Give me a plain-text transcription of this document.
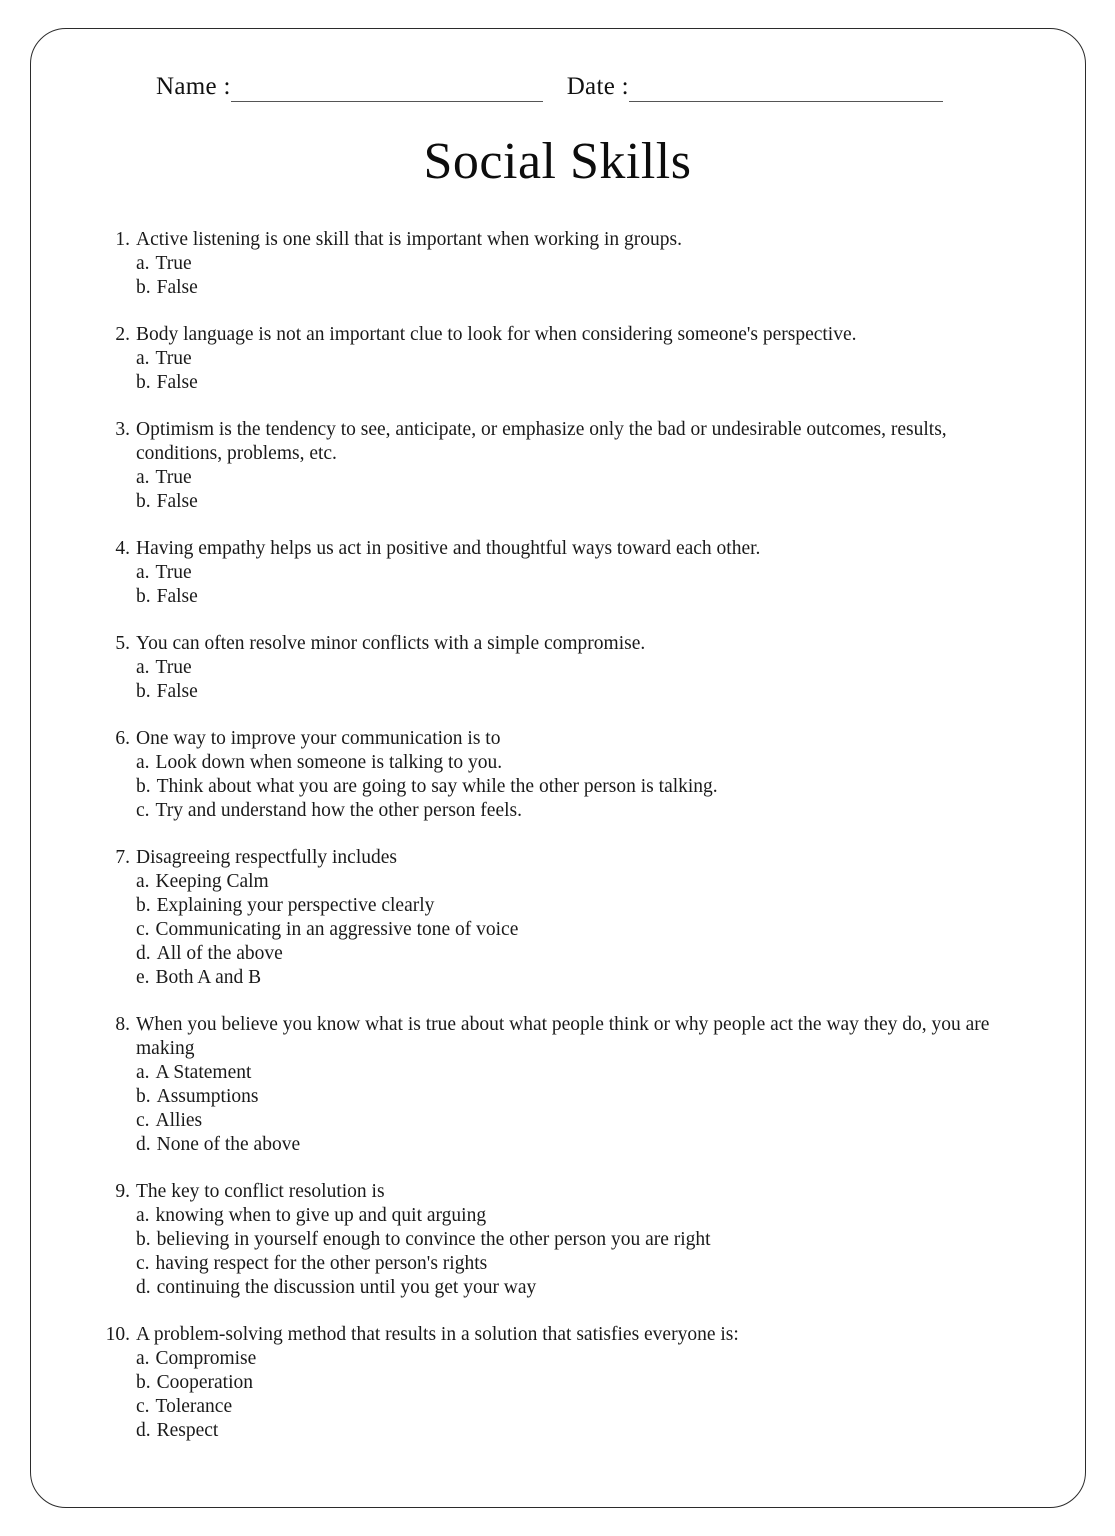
Name :	Date :
Social Skills
1. Active listening is one skill that is important when working in groups.
a. True
b. False
2. Body language is not an important clue to look for when considering someone's perspective.
a. True
b. False
3. Optimism is the tendency to see, anticipate, or emphasize only the bad or undesirable outcomes, results, conditions, problems, etc.
a. True
b. False
4. Having empathy helps us act in positive and thoughtful ways toward each other.
a. True
b. False
5. You can often resolve minor conflicts with a simple compromise.
a. True
b. False
6. One way to improve your communication is to
a. Look down when someone is talking to you.
b. Think about what you are going to say while the other person is talking.
c. Try and understand how the other person feels.
7. Disagreeing respectfully includes
a. Keeping Calm
b. Explaining your perspective clearly
c. Communicating in an aggressive tone of voice
d. All of the above
e. Both A and B
8. When you believe you know what is true about what people think or why people act the way they do, you are making
a. A Statement
b. Assumptions
c. Allies
d. None of the above
9. The key to conflict resolution is
a. knowing when to give up and quit arguing
b. believing in yourself enough to convince the other person you are right
c. having respect for the other person's rights
d. continuing the discussion until you get your way
10. A problem-solving method that results in a solution that satisfies everyone is:
a. Compromise
b. Cooperation
c. Tolerance
d. Respect
